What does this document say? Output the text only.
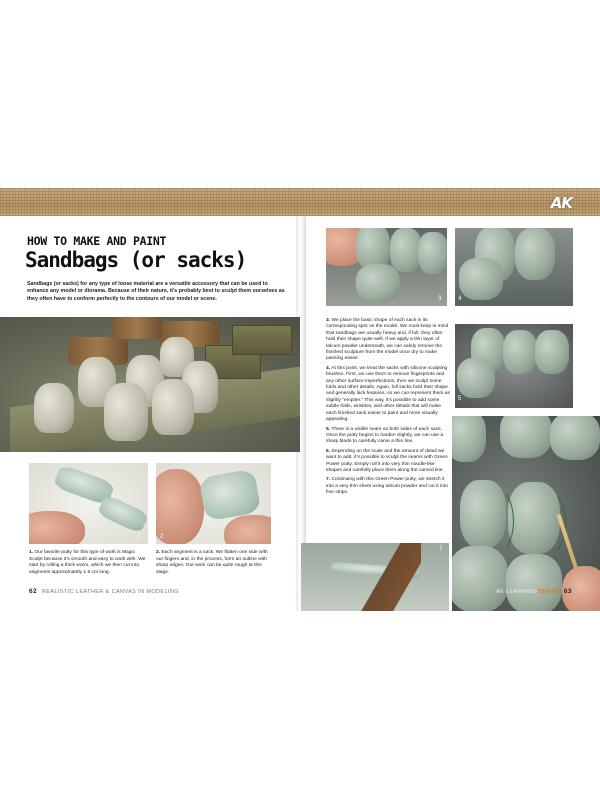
AK
HOW TO MAKE AND PAINT
Sandbags (or sacks)
Sandbags (or sacks) for any type of loose material are a versatile accessory that can be used to enhance any model or diorama. Because of their nature, it’s probably best to sculpt them ourselves as they often have to conform perfectly to the contours of our model or scene.
1	2
1. Our favorite putty for this type of work is Magic Sculpt because it’s smooth and easy to work with. We start by rolling a thick worm, which we then cut into segments approximately 1.5 cm long.
2. Each segment is a sack. We flatten one side with our fingers and, in the process, form an outline with sharp edges. Our work can be quite rough at this stage.
62 REALISTIC LEATHER & CANVAS IN MODELING
3	4
5
7

3. We place the basic shape of each sack in its corresponding spot on the model. We must keep in mind that sandbags are usually heavy and, if full, they often hold their shape quite well. If we apply a thin layer of talcum powder underneath, we can safely remove the finished sculpture from the model once dry to make painting easier.

4. At this point, we treat the sacks with silicone sculpting brushes. First, we use them to remove fingerprints and any other surface imperfections, then we sculpt some folds and other details. Again, full sacks hold their shape and generally lack features, so we can represent them as slightly “emptier.” This way, it’s possible to add some subtle folds, wrinkles, and other details that will make each finished sack easier to paint and more visually appealing.

5. There is a visible seam on both sides of each sack. Once the putty begins to harden slightly, we can use a sharp blade to carefully carve a thin line.

6. Depending on the scale and the amount of detail we want to add, it’s possible to sculpt the seams with Green Power putty. Simply roll it into very thin noodle-like shapes and carefully place them along the carved line.

7. Continuing with this Green Power putty, we stretch it into a very thin sheet using talcum powder and cut it into fine strips.

AK LEARNINGSERIES 63
